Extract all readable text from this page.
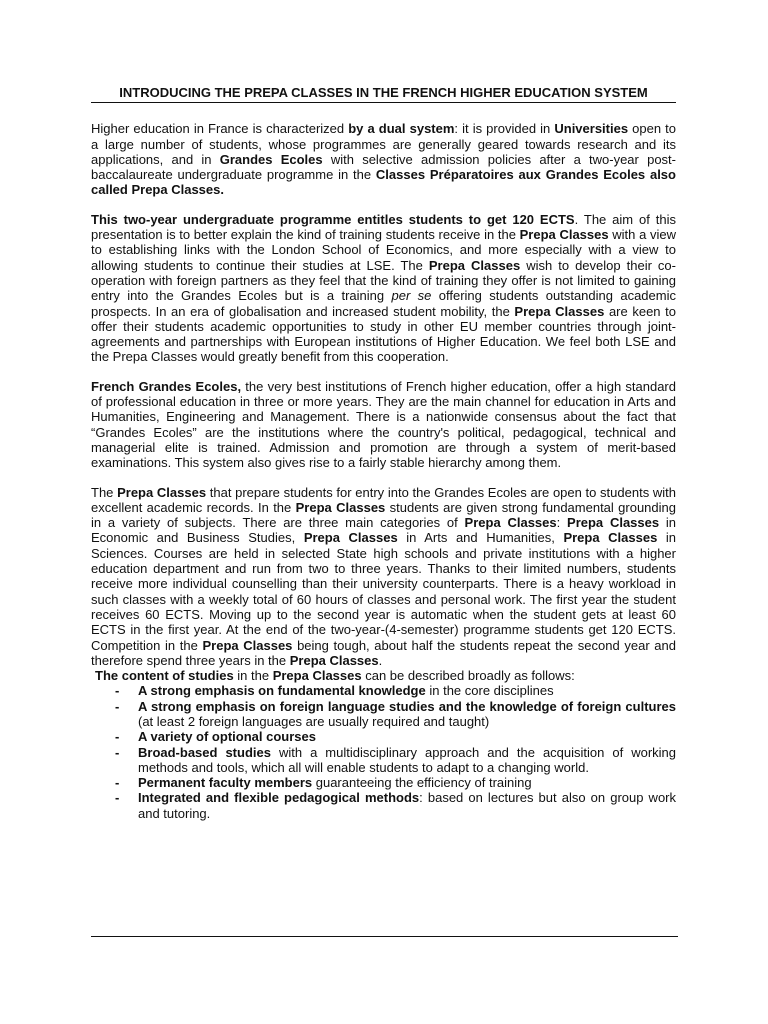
INTRODUCING THE PREPA CLASSES IN THE FRENCH HIGHER EDUCATION SYSTEM

Higher education in France is characterized by a dual system: it is provided in Universities open to a large number of students, whose programmes are generally geared towards research and its applications, and in Grandes Ecoles with selective admission policies after a two-year post-baccalaureate undergraduate programme in the Classes Préparatoires aux Grandes Ecoles also called Prepa Classes.

This two-year undergraduate programme entitles students to get 120 ECTS. The aim of this presentation is to better explain the kind of training students receive in the Prepa Classes with a view to establishing links with the London School of Economics, and more especially with a view to allowing students to continue their studies at LSE. The Prepa Classes wish to develop their co-operation with foreign partners as they feel that the kind of training they offer is not limited to gaining entry into the Grandes Ecoles but is a training per se offering students outstanding academic prospects. In an era of globalisation and increased student mobility, the Prepa Classes are keen to offer their students academic opportunities to study in other EU member countries through joint-agreements and partnerships with European institutions of Higher Education. We feel both LSE and the Prepa Classes would greatly benefit from this cooperation.

French Grandes Ecoles, the very best institutions of French higher education, offer a high standard of professional education in three or more years. They are the main channel for education in Arts and Humanities, Engineering and Management. There is a nationwide consensus about the fact that “Grandes Ecoles” are the institutions where the country's political, pedagogical, technical and managerial elite is trained. Admission and promotion are through a system of merit-based examinations. This system also gives rise to a fairly stable hierarchy among them.

The Prepa Classes that prepare students for entry into the Grandes Ecoles are open to students with excellent academic records. In the Prepa Classes students are given strong fundamental grounding in a variety of subjects. There are three main categories of Prepa Classes: Prepa Classes in Economic and Business Studies, Prepa Classes in Arts and Humanities, Prepa Classes in Sciences. Courses are held in selected State high schools and private institutions with a higher education department and run from two to three years. Thanks to their limited numbers, students receive more individual counselling than their university counterparts. There is a heavy workload in such classes with a weekly total of 60 hours of classes and personal work. The first year the student receives 60 ECTS. Moving up to the second year is automatic when the student gets at least 60 ECTS in the first year. At the end of the two-year-(4-semester) programme students get 120 ECTS. Competition in the Prepa Classes being tough, about half the students repeat the second year and therefore spend three years in the Prepa Classes.

The content of studies in the Prepa Classes can be described broadly as follows:

- A strong emphasis on fundamental knowledge in the core disciplines
- A strong emphasis on foreign language studies and the knowledge of foreign cultures (at least 2 foreign languages are usually required and taught)
- A variety of optional courses
- Broad-based studies with a multidisciplinary approach and the acquisition of working methods and tools, which all will enable students to adapt to a changing world.
- Permanent faculty members guaranteeing the efficiency of training
- Integrated and flexible pedagogical methods: based on lectures but also on group work and tutoring.
